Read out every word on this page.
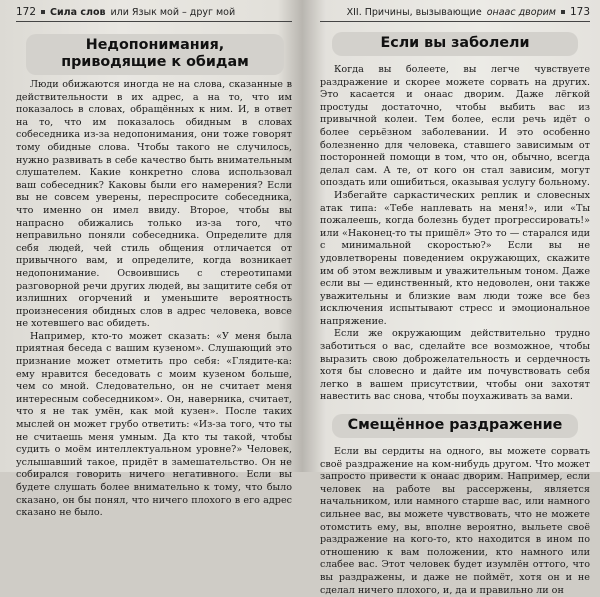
172 Сила слов или Язык мой – друг мой
Недопонимания,
приводящие к обидам

Люди обижаются иногда не на слова, сказанные в действительности в их адрес, а на то, что им показалось в словах, обращённых к ним. И, в ответ на то, что им показалось обидным в словах собеседника из-за недопонимания, они тоже говорят тому обидные слова. Чтобы такого не случилось, нужно развивать в себе качество быть внимательным слушателем. Какие конкретно слова использовал ваш собеседник? Каковы были его намерения? Если вы не совсем уверены, переспросите собеседника, что именно он имел ввиду. Второе, чтобы вы напрасно обижались только из-за того, что неправильно поняли собеседника. Определите для себя людей, чей стиль общения отличается от привычного вам, и определите, когда возникает недопонимание. Освоившись с стереотипами разговорной речи других людей, вы защитите себя от излишних огорчений и уменьшите вероятность произнесения обидных слов в адрес человека, вовсе не хотевшего вас обидеть.

Например, кто-то может сказать: «У меня была приятная беседа с вашим кузеном». Слушающий это признание может отметить про себя: «Глядите-ка: ему нравится беседовать с моим кузеном больше, чем со мной. Следовательно, он не считает меня интересным собеседником». Он, наверника, считает, что я не так умён, как мой кузен». После таких мыслей он может грубо ответить: «Из-за того, что ты не считаешь меня умным. Да кто ты такой, чтобы судить о моём интеллектуальном уровне?» Человек, услышавший такое, придёт в замешательство. Он не собирался говорить ничего негативного. Если вы будете слушать более внимательно к тому, что было сказано, он бы понял, что ничего плохого в его адрес сказано не было.

XII. Причины, вызывающие онаас дворим 173
Если вы заболели

Когда вы болеете, вы легче чувствуете раздражение и скорее можете сорвать на других. Это касается и онаас дворим. Даже лёгкой простуды достаточно, чтобы выбить вас из привычной колеи. Тем более, если речь идёт о более серьёзном заболевании. И это особенно болезненно для человека, ставшего зависимым от посторонней помощи в том, что он, обычно, всегда делал сам. А те, от кого он стал зависим, могут опоздать или ошибиться, оказывая услугу больному.

Избегайте саркастических реплик и словесных атак типа: «Тебе наплевать на меня!», или «Ты пожалеешь, когда болезнь будет прогрессировать!» или «Наконец-то ты пришёл» Это то — старался иди с минимальной скоростью?» Если вы не удовлетворены поведением окружающих, скажите им об этом вежливым и уважительным тоном. Даже если вы — единственный, кто недоволен, они также уважительны и близкие вам люди тоже все без исключения испытывают стресс и эмоциональное напряжение.

Если же окружающим действительно трудно заботиться о вас, сделайте все возможное, чтобы выразить свою доброжелательность и сердечность хотя бы словесно и дайте им почувствовать себя легко в вашем присутствии, чтобы они захотят навестить вас снова, чтобы поухаживать за вами.

Смещённое раздражение

Если вы сердиты на одного, вы можете сорвать своё раздражение на ком-нибудь другом. Что может запросто привести к онаас дворим. Например, если человек на работе вы рассержены, является начальником, или намного старше вас, или намного сильнее вас, вы можете чувствовать, что не можете отомстить ему, вы, вполне вероятно, выльете своё раздражение на кого-то, кто находится в ином по отношению к вам положении, кто намного или слабее вас. Этот человек будет изумлён оттого, что вы раздражены, и даже не поймёт, хотя он и не сделал ничего плохого, и, да и правильно ли он
